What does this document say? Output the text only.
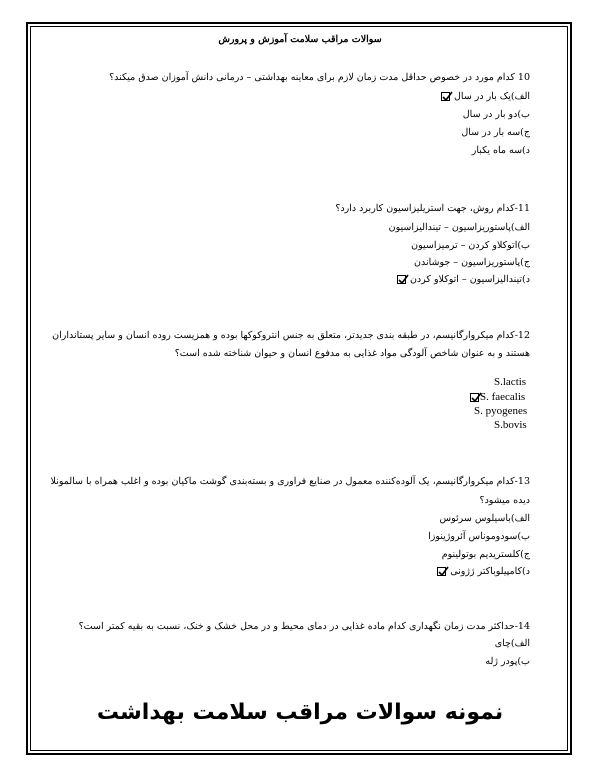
سوالات مراقب سلامت آموزش و پرورش
10 کدام مورد در خصوص حداقل مدت زمان لازم برای معاینه بهداشتی – درمانی دانش آموزان صدق میکند؟
الف)یک بار در سال
ب)دو بار در سال
ج)سه بار در سال
د)سه ماه یکبار
11-کدام روش، جهت استریلیزاسیون کاربرد دارد؟
الف)پاستوریزاسیون – تیندالیزاسیون
ب)اتوکلاو کردن – ترمیزاسیون
ج)پاستوریزاسیون – جوشاندن
د)تیندالیزاسیون – اتوکلاو کردن
12-کدام میکروارگانیسم، در طبقه بندی جدیدتر، متعلق به جنس انتروکوکها بوده و همزیست روده انسان و سایر پستانداران
هستند و به عنوان شاخص آلودگی مواد غذایی به مدفوع انسان و حیوان شناخته شده است؟
S.lactis
S. faecalis
S. pyogenes
S.bovis
13-کدام میکروارگانیسم، یک آلوده‌کننده معمول در صنایع فراوری و بسته‌بندی گوشت ماکیان بوده و اغلب همراه با سالمونلا
دیده میشود؟
الف)باسیلوس سرئوس
ب)سودوموناس آئروژینوزا
ج)کلستریدیم بوتولینوم
د)کامپیلوباکتر ژژونی
14-حداکثر مدت زمان نگهداری کدام ماده غذایی در دمای محیط و در محل خشک و خنک، نسبت به بقیه کمتر است؟
الف)چای
ب)پودر ژله
نمونه سوالات مراقب سلامت بهداشت
